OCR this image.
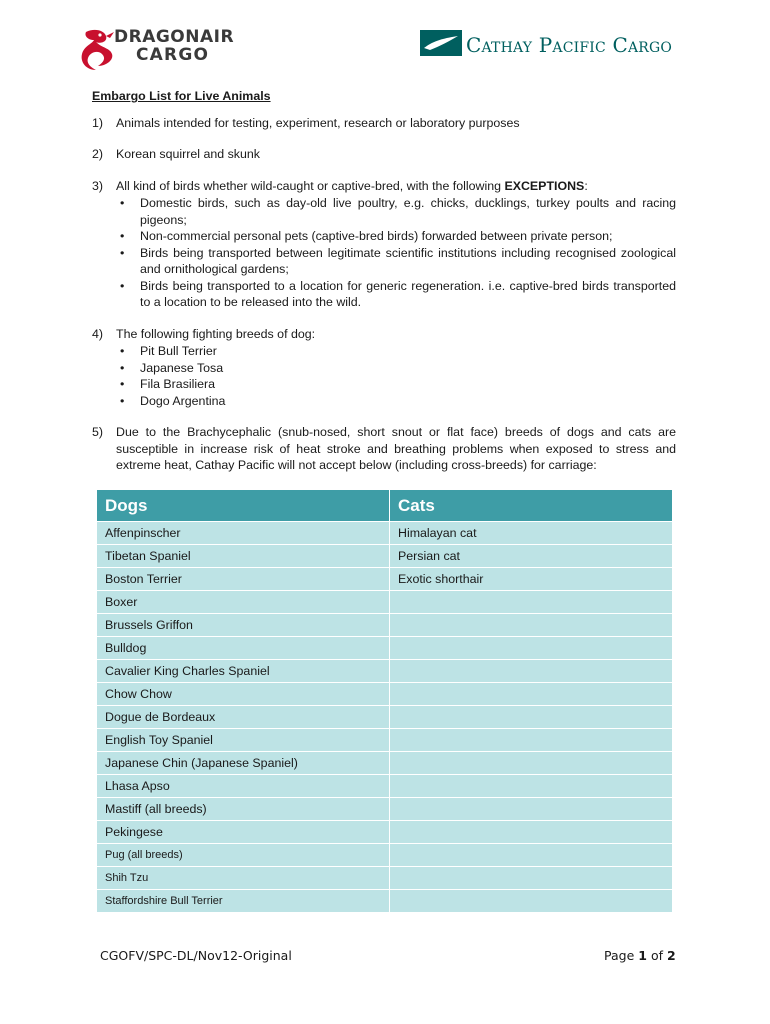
DRAGONAIR
CARGO	Cathay Pacific Cargo
Embargo List for Live Animals
1) Animals intended for testing, experiment, research or laboratory purposes
2) Korean squirrel and skunk
3) All kind of birds whether wild-caught or captive-bred, with the following EXCEPTIONS:
• Domestic birds, such as day-old live poultry, e.g. chicks, ducklings, turkey poults and racing pigeons;
• Non-commercial personal pets (captive-bred birds) forwarded between private person;
• Birds being transported between legitimate scientific institutions including recognised zoological and ornithological gardens;
• Birds being transported to a location for generic regeneration. i.e. captive-bred birds transported to a location to be released into the wild.
4) The following fighting breeds of dog:
• Pit Bull Terrier
• Japanese Tosa
• Fila Brasiliera
• Dogo Argentina
5) Due to the Brachycephalic (snub-nosed, short snout or flat face) breeds of dogs and cats are susceptible in increase risk of heat stroke and breathing problems when exposed to stress and extreme heat, Cathay Pacific will not accept below (including cross-breeds) for carriage:
Dogs	Cats
Affenpinscher	Himalayan cat
Tibetan Spaniel	Persian cat
Boston Terrier	Exotic shorthair
Boxer	
Brussels Griffon	
Bulldog	
Cavalier King Charles Spaniel	
Chow Chow	
Dogue de Bordeaux	
English Toy Spaniel	
Japanese Chin (Japanese Spaniel)	
Lhasa Apso	
Mastiff (all breeds)	
Pekingese	
Pug (all breeds)	
Shih Tzu	
Staffordshire Bull Terrier	
CGOFV/SPC-DL/Nov12-Original	Page 1 of 2
